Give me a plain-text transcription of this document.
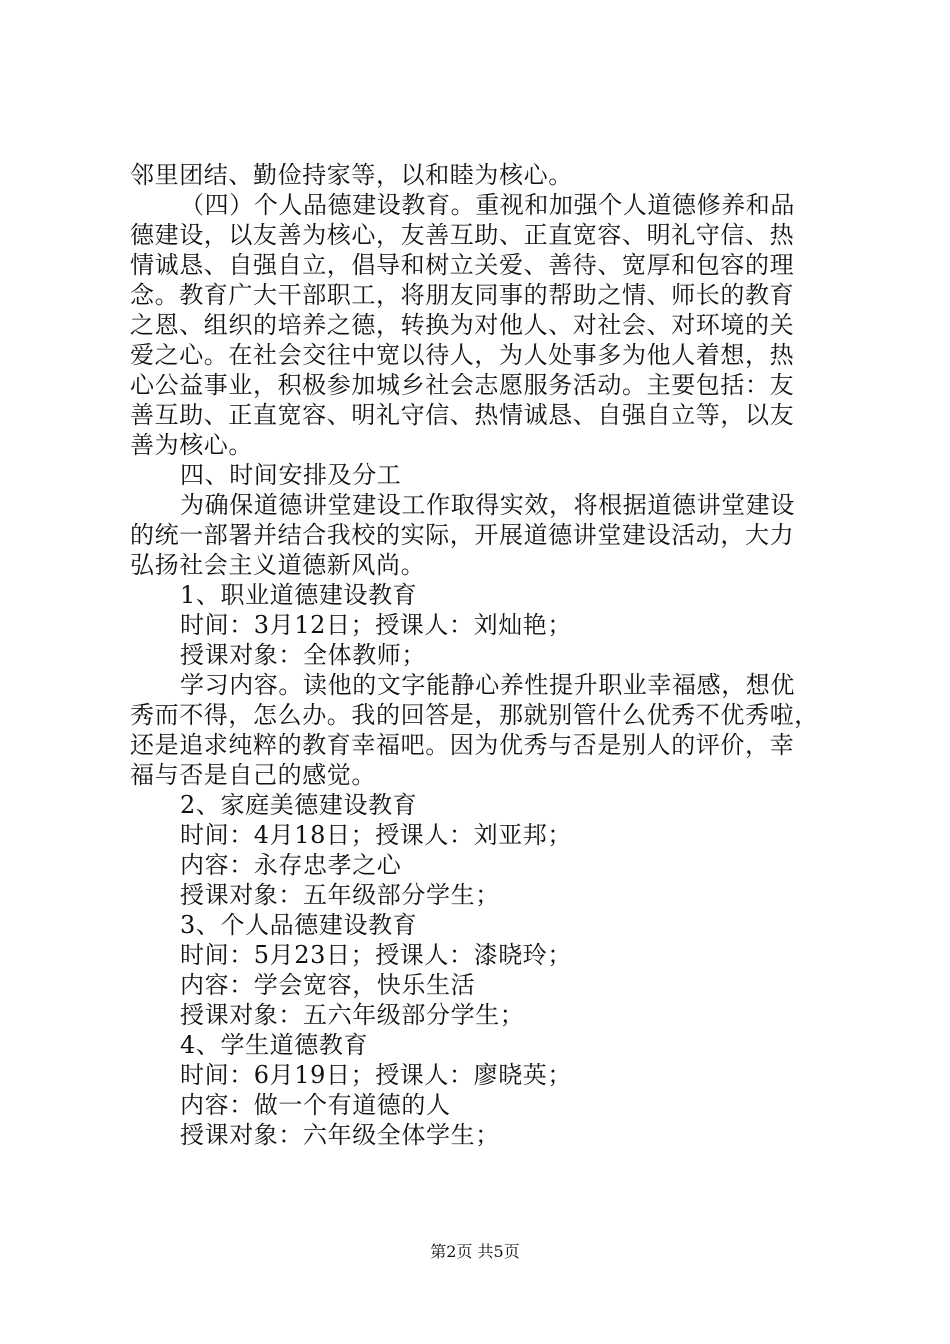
邻里团结、勤俭持家等，以和睦为核心。
（四）个人品德建设教育。重视和加强个人道德修养和品
德建设，以友善为核心，友善互助、正直宽容、明礼守信、热
情诚恳、自强自立，倡导和树立关爱、善待、宽厚和包容的理
念。教育广大干部职工，将朋友同事的帮助之情、师长的教育
之恩、组织的培养之德，转换为对他人、对社会、对环境的关
爱之心。在社会交往中宽以待人，为人处事多为他人着想，热
心公益事业，积极参加城乡社会志愿服务活动。主要包括：友
善互助、正直宽容、明礼守信、热情诚恳、自强自立等，以友
善为核心。
四、时间安排及分工
为确保道德讲堂建设工作取得实效，将根据道德讲堂建设
的统一部署并结合我校的实际，开展道德讲堂建设活动，大力
弘扬社会主义道德新风尚。
1、职业道德建设教育
时间：3月12日；授课人：刘灿艳；
授课对象：全体教师；
学习内容。读他的文字能静心养性提升职业幸福感，想优
秀而不得，怎么办。我的回答是，那就别管什么优秀不优秀啦，
还是追求纯粹的教育幸福吧。因为优秀与否是别人的评价，幸
福与否是自己的感觉。
2、家庭美德建设教育
时间：4月18日；授课人：刘亚邦；
内容：永存忠孝之心
授课对象：五年级部分学生；
3、个人品德建设教育
时间：5月23日；授课人：漆晓玲；
内容：学会宽容，快乐生活
授课对象：五六年级部分学生；
4、学生道德教育
时间：6月19日；授课人：廖晓英；
内容：做一个有道德的人
授课对象：六年级全体学生；
第2页 共5页
